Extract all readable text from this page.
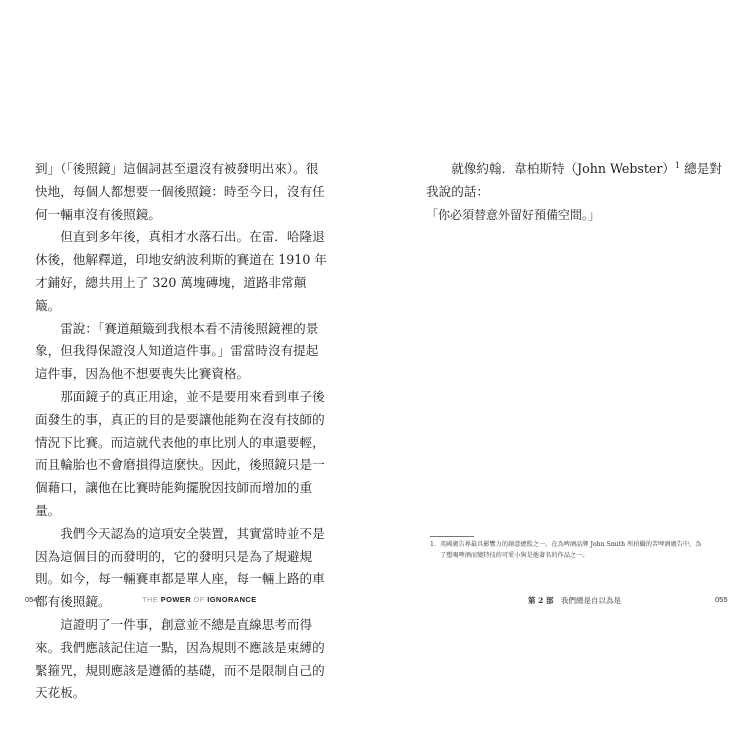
到」（「後照鏡」這個詞甚至還沒有被發明出來）。很快地，每個人都想要一個後照鏡：時至今日，沒有任何一輛車沒有後照鏡。

但直到多年後，真相才水落石出。在雷．哈隆退休後，他解釋道，印地安納波利斯的賽道在 1910 年才鋪好，總共用上了 320 萬塊磚塊，道路非常顛簸。

雷說：「賽道顛簸到我根本看不清後照鏡裡的景象，但我得保證沒人知道這件事。」雷當時沒有提起這件事，因為他不想要喪失比賽資格。

那面鏡子的真正用途，並不是要用來看到車子後面發生的事，真正的目的是要讓他能夠在沒有技師的情況下比賽。而這就代表他的車比別人的車還要輕，而且輪胎也不會磨損得這麼快。因此，後照鏡只是一個藉口，讓他在比賽時能夠擺脫因技師而增加的重量。

我們今天認為的這項安全裝置，其實當時並不是因為這個目的而發明的，它的發明只是為了規避規則。如今，每一輛賽車都是單人座，每一輛上路的車都有後照鏡。

這證明了一件事，創意並不總是直線思考而得來。我們應該記住這一點，因為規則不應該是束縛的緊箍咒，規則應該是遵循的基礎，而不是限制自己的天花板。

054	THE POWER OF IGNORANCE

就像約翰．韋柏斯特（John Webster）$^1$ 總是對我說的話：

「你必須替意外留好預備空間。」

1. 英國廣告界最具影響力的創意總監之一。在為啤酒品牌 John Smith 所拍攝的苦啤酒廣告中，為
了塑喝啤酒而變特技的可愛小狗是他著名的作品之一。
第 2 部　 我們總是自以為是	055
